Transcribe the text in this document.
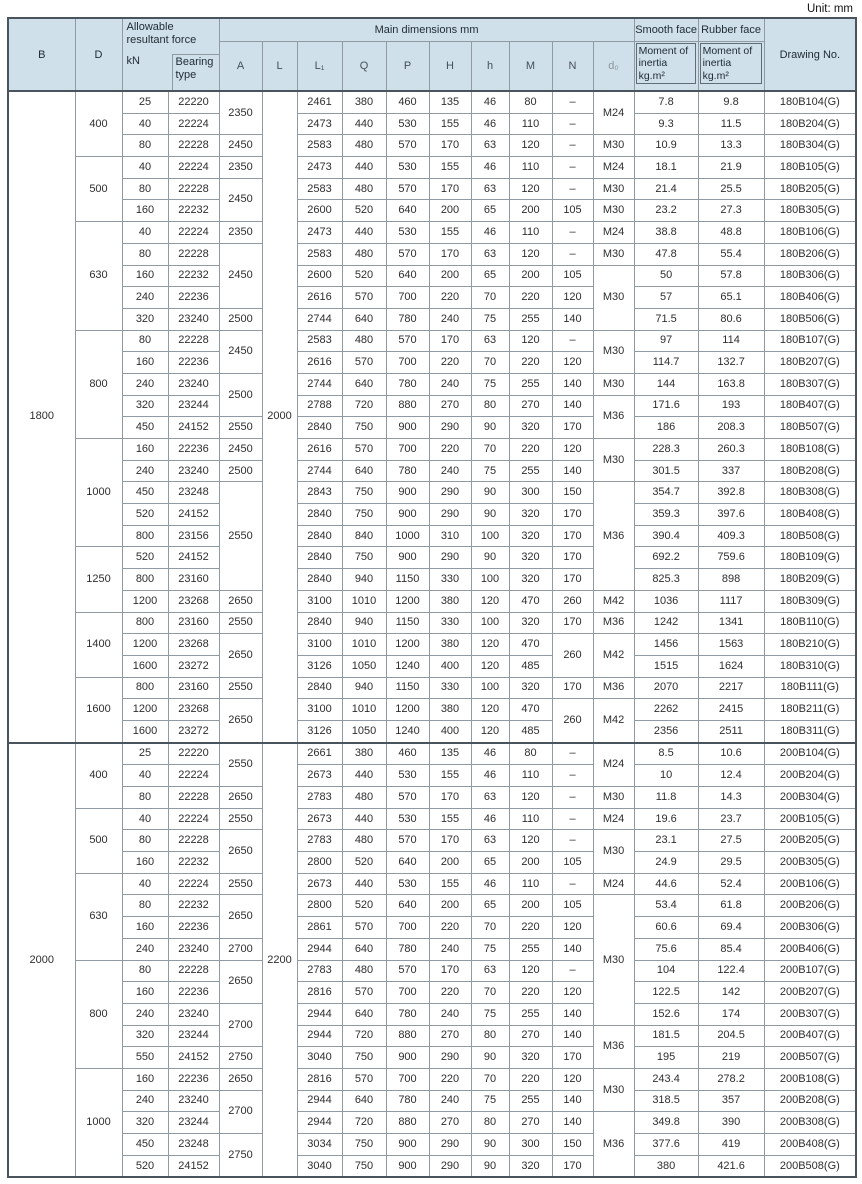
Unit: mm
B	D	Allowable resultant force
kN Bearing type		Main dimensions mm										Smooth face	Rubber face	Drawing No.
				A	L	L₁	Q	P	H	h	M	N	d₀	Moment of inertia kg.m²	Moment of inertia kg.m²	

1800	400	25	22220	2350	2000	2461	380	460	135	46	80	–	M24	7.8	9.8	180B104(G)
		40	22224			2473	440	530	155	46	110	–		9.3	11.5	180B204(G)
		80	22228	2450		2583	480	570	170	63	120	–	M30	10.9	13.3	180B304(G)
	500	40	22224	2350		2473	440	530	155	46	110	–	M24	18.1	21.9	180B105(G)
		80	22228	2450		2583	480	570	170	63	120	–	M30	21.4	25.5	180B205(G)
		160	22232			2600	520	640	200	65	200	105	M30	23.2	27.3	180B305(G)
	630	40	22224	2350		2473	440	530	155	46	110	–	M24	38.8	48.8	180B106(G)
		80	22228	2450		2583	480	570	170	63	120	–	M30	47.8	55.4	180B206(G)
		160	22232			2600	520	640	200	65	200	105	M30	50	57.8	180B306(G)
		240	22236			2616	570	700	220	70	220	120		57	65.1	180B406(G)
		320	23240	2500		2744	640	780	240	75	255	140		71.5	80.6	180B506(G)
	800	80	22228	2450		2583	480	570	170	63	120	–	M30	97	114	180B107(G)
		160	22236			2616	570	700	220	70	220	120		114.7	132.7	180B207(G)
		240	23240	2500		2744	640	780	240	75	255	140	M30	144	163.8	180B307(G)
		320	23244			2788	720	880	270	80	270	140	M36	171.6	193	180B407(G)
		450	24152	2550		2840	750	900	290	90	320	170		186	208.3	180B507(G)
	1000	160	22236	2450		2616	570	700	220	70	220	120	M30	228.3	260.3	180B108(G)
		240	23240	2500		2744	640	780	240	75	255	140		301.5	337	180B208(G)
		450	23248	2550		2843	750	900	290	90	300	150	M36	354.7	392.8	180B308(G)
		520	24152			2840	750	900	290	90	320	170		359.3	397.6	180B408(G)
		800	23156			2840	840	1000	310	100	320	170		390.4	409.3	180B508(G)
	1250	520	24152			2840	750	900	290	90	320	170		692.2	759.6	180B109(G)
		800	23160			2840	940	1150	330	100	320	170		825.3	898	180B209(G)
		1200	23268	2650		3100	1010	1200	380	120	470	260	M42	1036	1117	180B309(G)
	1400	800	23160	2550		2840	940	1150	330	100	320	170	M36	1242	1341	180B110(G)
		1200	23268	2650		3100	1010	1200	380	120	470	260	M42	1456	1563	180B210(G)
		1600	23272			3126	1050	1240	400	120	485			1515	1624	180B310(G)
	1600	800	23160	2550		2840	940	1150	330	100	320	170	M36	2070	2217	180B111(G)
		1200	23268	2650		3100	1010	1200	380	120	470	260	M42	2262	2415	180B211(G)
		1600	23272			3126	1050	1240	400	120	485			2356	2511	180B311(G)
2000	400	25	22220	2550	2200	2661	380	460	135	46	80	–	M24	8.5	10.6	200B104(G)
		40	22224			2673	440	530	155	46	110	–		10	12.4	200B204(G)
		80	22228	2650		2783	480	570	170	63	120	–	M30	11.8	14.3	200B304(G)
	500	40	22224	2550		2673	440	530	155	46	110	–	M24	19.6	23.7	200B105(G)
		80	22228	2650		2783	480	570	170	63	120	–	M30	23.1	27.5	200B205(G)
		160	22232			2800	520	640	200	65	200	105		24.9	29.5	200B305(G)
	630	40	22224	2550		2673	440	530	155	46	110	–	M24	44.6	52.4	200B106(G)
		80	22232	2650		2800	520	640	200	65	200	105	M30	53.4	61.8	200B206(G)
		160	22236			2861	570	700	220	70	220	120		60.6	69.4	200B306(G)
		240	23240	2700		2944	640	780	240	75	255	140		75.6	85.4	200B406(G)
	800	80	22228	2650		2783	480	570	170	63	120	–		104	122.4	200B107(G)
		160	22236			2816	570	700	220	70	220	120		122.5	142	200B207(G)
		240	23240	2700		2944	640	780	240	75	255	140		152.6	174	200B307(G)
		320	23244			2944	720	880	270	80	270	140	M36	181.5	204.5	200B407(G)
		550	24152	2750		3040	750	900	290	90	320	170		195	219	200B507(G)
	1000	160	22236	2650		2816	570	700	220	70	220	120	M30	243.4	278.2	200B108(G)
		240	23240	2700		2944	640	780	240	75	255	140		318.5	357	200B208(G)
		320	23244			2944	720	880	270	80	270	140	M36	349.8	390	200B308(G)
		450	23248	2750		3034	750	900	290	90	300	150		377.6	419	200B408(G)
		520	24152			3040	750	900	290	90	320	170		380	421.6	200B508(G)
